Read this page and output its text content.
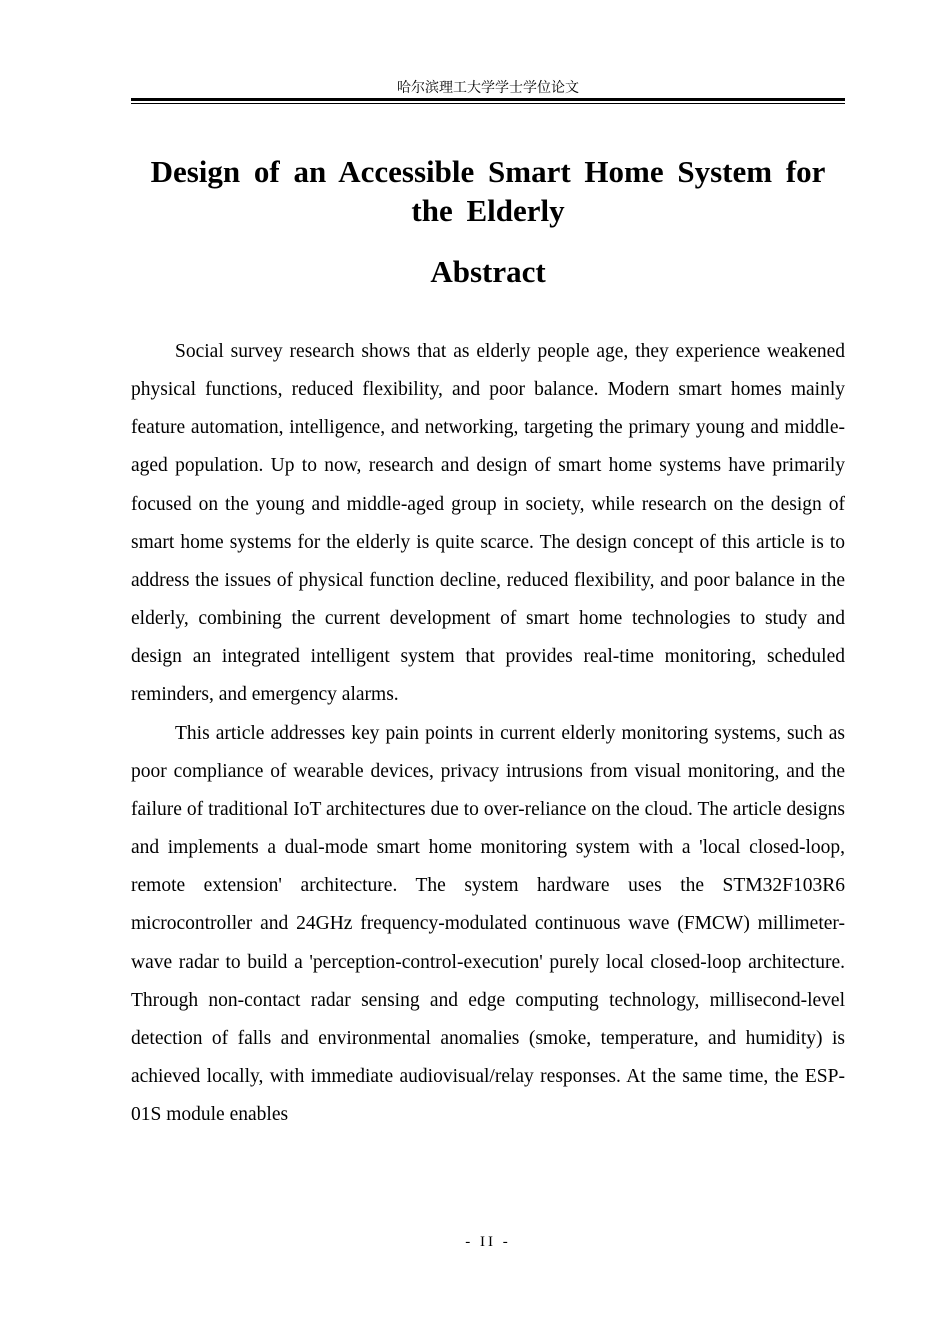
哈尔滨理工大学学士学位论文
Design of an Accessible Smart Home System for the Elderly
Abstract

Social survey research shows that as elderly people age, they experience weakened physical functions, reduced flexibility, and poor balance. Modern smart homes mainly feature automation, intelligence, and networking, targeting the primary young and middle-aged population. Up to now, research and design of smart home systems have primarily focused on the young and middle-aged group in society, while research on the design of smart home systems for the elderly is quite scarce. The design concept of this article is to address the issues of physical function decline, reduced flexibility, and poor balance in the elderly, combining the current development of smart home technologies to study and design an integrated intelligent system that provides real-time monitoring, scheduled reminders, and emergency alarms.

This article addresses key pain points in current elderly monitoring systems, such as poor compliance of wearable devices, privacy intrusions from visual monitoring, and the failure of traditional IoT architectures due to over-reliance on the cloud. The article designs and implements a dual-mode smart home monitoring system with a 'local closed-loop, remote extension' architecture. The system hardware uses the STM32F103R6 microcontroller and 24GHz frequency-modulated continuous wave (FMCW) millimeter-wave radar to build a 'perception-control-execution' purely local closed-loop architecture. Through non-contact radar sensing and edge computing technology, millisecond-level detection of falls and environmental anomalies (smoke, temperature, and humidity) is achieved locally, with immediate audiovisual/relay responses. At the same time, the ESP-01S module enables

- II -
